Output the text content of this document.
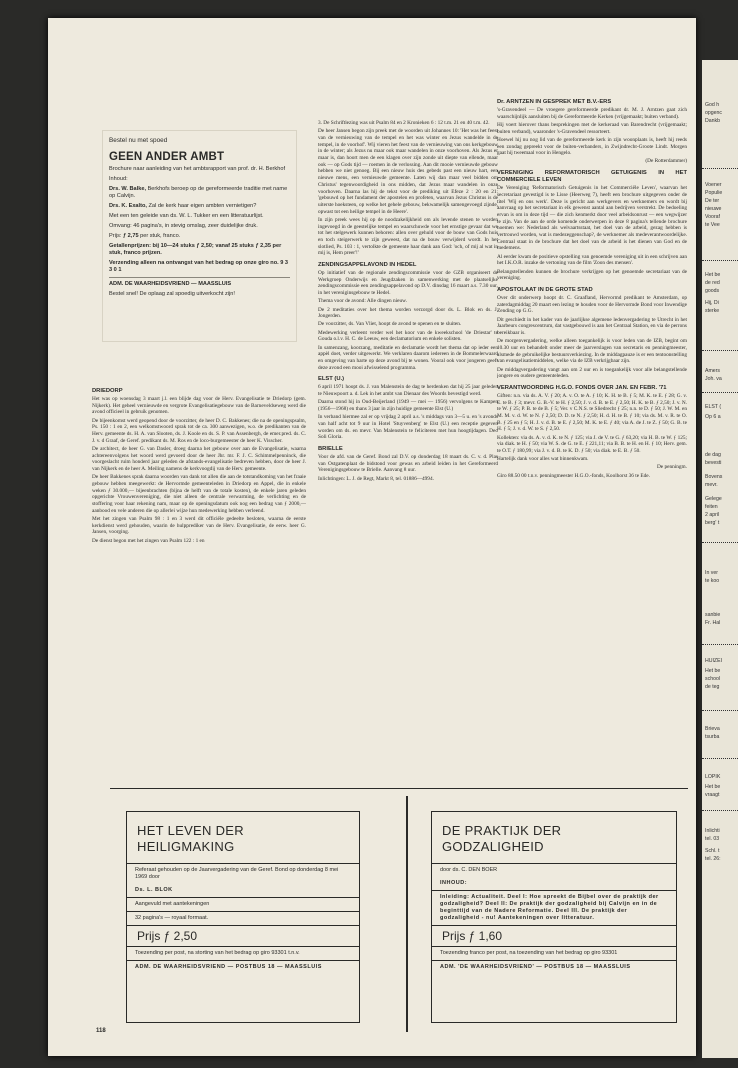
Bestel nu met spoed
GEEN ANDER AMBT

Brochure naar aanleiding van het ambtsrapport van prof. dr. H. Berkhof

Inhoud:

Drs. W. Balke, Berkhofs beroep op de gereformeerde traditie met name op Calvijn.

Drs. K. Exalto, Zal de kerk haar eigen ambten vernietigen?

Met een ten geleide van ds. W. L. Tukker en een litteratuurlijst.

Omvang: 46 pagina's, in stevig omslag, zeer duidelijke druk.

Prijs: ƒ 2,75 per stuk, franco.

Getallenprijzen: bij 10—24 stuks ƒ 2,50; vanaf 25 stuks ƒ 2,35 per stuk, franco prijzen.

Verzending alleen na ontvangst van het bedrag op onze giro no. 9 3 3 0 1

ADM. DE WAARHEIDSVRIEND — MAASSLUIS

Bestel snel! De oplaag zal spoedig uitverkocht zijn!

DRIEDORP

Het was op woensdag 3 maart j.l. een blijde dag voor de Herv. Evangelisatie te Driedorp (gem. Nijkerk). Het geheel vernieuwde en vergrote Evangelisatiegebouw van de Barneveldseweg werd die avond officieel in gebruik genomen.

De bijeenkomst werd geopend door de voorzitter, de heer D. C. Bakkenes; die na de openingspsalm, Ps. 150 : 1 en 2, een welkomstwoord sprak tot de ca. 300 aanwezigen, w.o. de predikanten van de Herv. gemeente ds. H. A. van Slooten, ds. J. Koole en ds. S. P. van Assenbergh, de emer.pred. ds. C. J. v. d Graaf, de Geref. predikant ds. M. Ros en de loco-burgemeester de heer K. Visscher.

De architect, de heer G. van Dasler, droeg daarna het gebouw over aan de Evangelisatie, waarna achtereenvolgens het woord werd gevoerd door de heer Jhr. mr. F. J. C. Schimmelpenninck, die voorgeslacht ruim honderd jaar geleden de afstands-evangelisatie bedreven hebben, door de heer J. van Nijkerk en de heer A. Meiling namens de kerkvoogdij van de Herv. gemeente.

De heer Bakkenes sprak daarna woorden van dank tot allen die aan de totstandkoming van het fraaie gebouw hebben meegewerkt: de Hervormde gemeenteleden in Driedorp en Appel, die in enkele weken ƒ 30.000,— bijeenbrachten (bijna de helft van de totale kosten), de enkele jaren geleden opgerichte Vrouwenvereniging, die niet alleen de centrale verwarming, de verlichting en de stoffering voor haar rekening nam, maar op de openingsdatum ook nog een bedrag van ƒ 2000,— aanbood en vele anderen die op allerlei wijze hun medewerking hebben verleend.

Met het zingen van Psalm 98 : 1 en 3 werd dit officiële gedeelte besloten, waarna de eerste kerkdienst werd gehouden, waarin de hulpprediker van de Herv. Evangelisatie, de eerw. heer G. Jansen, voorging.

De dienst begon met het zingen van Psalm 122 : 1 en

3. De Schriftlezing was uit Psalm 84 en 2 Kronieken 6 : 12 t.m. 21 en 40 t.m. 42.

De heer Jansen begon zijn preek met de woorden uit Johannes 10: 'Het was het feest van de vernieuwing van de tempel en het was winter en Jezus wandelde in de tempel, in de voorhof'. Wij vieren het feest van de vernieuwing van ons kerkgebouw in de winter; als Jezus nu maar ook maar wandelen in onze voorhoven. Als Jezus er maar is, dan hoort men de een klagen over zijn zonde uit diepte van ellende, maar ook — op Gods tijd — roemen in de verlossing. Aan dit mooie vernieuwde gebouw hebben we niet genoeg. Bij een nieuw huis des gebeds past een nieuw hart, een nieuwe mens, een vernieuwde gemeente. Laten wij dan maar veel bidden om Christus' tegenwoordigheid in ons midden, dat Jezus maar wandelen in onze voorhoven. Daarna las hij de tekst voor de prediking uit Efeze 2 : 20 en 21: 'gebouwd op het fundament der apostelen en profeten, waarvan Jezus Christus is de uiterste hoeksteen, op welke het gehele gebouw, bekwamelijk samengevoegd zijnde, opwast tot een heilige tempel in de Heere'.

In zijn preek wees hij op de noodzakelijkheid om als levende stenen te worden ingevoegd in de geestelijke tempel en waarschuwde voor het ernstige gevaar dat we tot het stelgewerk kunnen behoren: allen over gehuld voor de bouw van Gods huis en toch steigerwerk te zijn geweest, dat na de bouw verwijderd wordt. In het slotlied, Ps. 103 : 1, vertolkte de gemeente haar dank aan God: 'och, of mij al wat in mij is, Hem preer'!'

ZENDINGSAPPELAVOND IN HEDEL

Op initiatief van de regionale zendingscommissie voor de GZB organiseert de Werkgroep Onderwijs en Jeugdzaken in samenwerking met de plaatselijke zendingscommissie een zendingsappelavond op D.V. dinsdag 16 maart a.s. 7.30 uur, in het vereniginsgebouw te Hedel.

Thema voor de avond: Alle dingen nieuw.

De 2 meditaties over het thema worden verzorgd door ds. L. Blok en ds. J. Jongerden.

De voorzitter, ds. Van Vliet, hoopt de avond te openen en te sluiten.

Medewerking verleent verder wel het koor van de kweekschool 'de Driestar' te Gouda o.l.v. H. C. de Leeuw, een declamatorium en enkele solisten.

In samenzang, koorzang, meditatie en declamatie wordt het thema dat op ieder een appèl doet, verder uitgewerkt. We verklaren daarom iedereen in de Bommelerwaard en omgeving van harte op deze avond bij te wonen. Vooral ook voor jongeren geeft deze avond een mooi afwisselend programma.

ELST (U.)

6 april 1971 hoopt ds. J. van Malenstein de dag te herdenken dat hij 25 jaar geleden te Nieuwpoort a. d. Lek in het ambt van Dienaar des Woords bevestigd werd.

Daarna stond hij in Oud-Beijerland (1949 — mei — 1956) vervolgens te Kampen (1956—1968) en thans 3 jaar in zijn huidige gemeente Elst (U.)

In verband hiermee zal er op vrijdag 2 april a.s. 's middags van 3—5 u. en 's avonds van half acht tot 9 uur in Hotel 'Stuyvenberg' te Elst (U.) een receptie gegeven worden om ds. en mevr. Van Malenstein te feliciteren met hun hoogtijdagen. Deo Soli Gloria.

BRIELLE

Voor de afd. van de Geref. Bond zal D.V. op donderdag 18 maart ds. C. v. d. Plas van Ostgatenplaat de bidstond voor gewas en arbeid leiden in het Gereformeerd Verenigingsgebouw te Brielle. Aanvang 8 uur.

Inlichtingen: L. J. de Regt, Markt 8, tel. 01886—4994.

Dr. ARNTZEN IN GESPREK MET B.V.-ERS

's-Gravendeel — De vroegere gereformeerde predikant dr. M. J. Arntzen gaat zich waarschijnlijk aansluiten bij de Gereformeerde Kerken (vrijgemaakt; buiten verband).

Hij voert hierover thans besprekingen met de kerkeraad van Barendrecht (vrijgemaakt; buiten verband), waaronder 's-Gravendeel ressorteert.

Hoewel hij nu nog lid van de gereformeerde kerk in zijn woonplaats is, heeft hij reeds een zondag gepreekt voor de buiten-verbanders, in Zwijndrecht-Groote Lindt. Morgen gaat hij tweemaal voor in Hengelo.

(De Rotterdammer)

VERENIGING REFORMATORISCH GETUIGENIS IN HET COMMERCIELE LEVEN

De Vereniging 'Reformatorisch Getuigenis in het Commerciële Leven', waarvan het secretariaat gevestigd is te Lisse (Heerweg 7), heeft een brochure uitgegeven onder de titel 'Wij en ons werk'. Deze is gericht aan werkgevers en werknemers en wordt bij aanvraag op het secretariaat in elk gewenst aantal aan bedrijven verstrekt. De bedoeling ervan is om in deze tijd — die zich kenmerkt door veel arbeidsonrust — een wegwijzer te zijn. Van de aan de orde komende onderwerpen in deze 8 pagina's tellende brochure noemen we: Nederland als welvaartsstaat, het doel van de arbeid, gezag hebben is vertrouwd worden, wat is medezeggenschap?, de werknemer als medeverantwoordelijke. Centraal staat in de brochure dat het doel van de arbeid is het dienen van God en de medemens.

Al eerder kwam de positieve opstelling van genoemde vereniging uit in een schrijven aan het I.K.O.R. inzake de vertoning van de film 'Zoon des mensen'.

Belangstellenden kunnen de brochure verkrijgen op het genoemde secretariaat van de vereniging.

APOSTOLAAT IN DE GROTE STAD

Over dit onderwerp hoopt dr. C. Graafland, Hervormd predikant te Amsterdam, op zaterdagmiddag 20 maart een lezing te houden voor de Hervormde Bond voor Inwendige Zending op G.G.

Dit geschiedt in het kader van de jaarlijkse algemene ledenvergadering te Utrecht in het Jaarbeurs congrescentrum, dat vastgebouwd is aan het Centraal Station, en via de perrons bereikbaar is.

De morgenvergadering, welke alleen toegankelijk is voor leden van de IZB, begint om 10.30 uur en behandelt onder meer de jaarverslagen van secretaris en penningmeester, alsmede de gebruikelijke bestuursverkiezing. In de middagpauze is er een tentoonstelling van evangelisatiemiddelen, welke via de IZB verkrijgbaar zijn.

De middagvergadering vangt aan om 2 uur en is toegankelijk voor alle belangstellende jongere en oudere gemeenteleden.

VERANTWOORDING H.G.O. FONDS OVER JAN. EN FEBR. '71

Giften: n.n. via ds. A. V. ƒ 20; A. v. O. te A. ƒ 10; K. H. te B. ƒ 5; M. K. te E. ƒ 28; G. v. E. te B. ƒ 3; mevr. G. B.-V. te H. ƒ 2,50; J. v. d. B. te E. ƒ 2,50; H. K. te B. ƒ 2,50; J. v. N. te W. ƒ 25; P. B. te de B. ƒ 5; Ver. v C.N.S. te Sliedrecht ƒ 25; n.n. te D. ƒ 50; J. W. M. en M. M. v. d. W. te N. ƒ 2,50; D. D. te N. ƒ 2,50; H. d. H. te B. ƒ 10; via ds. M. v. R. te O. B. ƒ 25 en ƒ 5; H. J. v. d. B. te E. ƒ 2,50; M. K. te E. ƒ 40; via A. de J. te Z. ƒ 50; G. B. te H. ƒ 5; J. v. d. W. te S. ƒ 2,50.

Kollekten: via ds. A. v. d. K. te N. ƒ 125; via J. de V. te G. ƒ 63,20; via H. B. te W. ƒ 125; via diak. te H. ƒ 50; via W. S. de G. te E. ƒ 221,11; via B. B. te H. en H. ƒ 10; Herv. gem. te O.T. ƒ 180,99; via J. v. d. B. te K. D. ƒ 50; via diak. te E. B. ƒ 50.

Hartelijk dank voor alles wat binnenkwam.

De penningm.

Giro 88.50 00 t.n.v. penningmeester H.G.O.-fonds, Koolhorst 36 te Ede.

HET LEVEN DER
HEILIGMAKING
Referaat gehouden op de Jaarvergadering van de Geref. Bond op donderdag 8 mei 1969 door
Ds. L. BLOK
Aangevuld met aantekeningen
32 pagina's — royaal formaat.
Prijs ƒ 2,50
Toezending per post, na storting van het bedrag op giro 93301 t.n.v.
ADM. DE WAARHEIDSVRIEND — POSTBUS 18 — MAASSLUIS
DE PRAKTIJK DER
GODZALIGHEID
door ds. C. DEN BOER
INHOUD:
Inleiding: Actualiteit. Deel I: Hoe spreekt de Bijbel over de praktijk der godzaligheid? Deel II: De praktijk der godzaligheid bij Calvijn en in de beginttijd van de Nadere Reformatie. Deel III. De praktijk der godzaligheid - nu! Aantekeningen over litteratuur.
Prijs ƒ 1,60
Toezending franco per post, na toezending van het bedrag op giro 93301
ADM. 'DE WAARHEIDSVRIEND' — POSTBUS 18 — MAASSLUIS
118
God h
opgenc
Dankb
Voener
Populie
De ter
nieuwe
Vooraf
te Vee
Het be
de red
goods
Hij, Di
sterke
Amers
Joh. va
ELST (
Op 6 a
de dag
bevesti
Bovens
mevr.
Gelege
feiten
2 april
berg' t
In ver
te koo
sanbie
Fr. Hal
HUIZEI
Het be
school
de teg
Brieva
tsurba
LOPIK
Het be
vraagt
Inlichti
tel. 03
Schl. t
tel. 26:
